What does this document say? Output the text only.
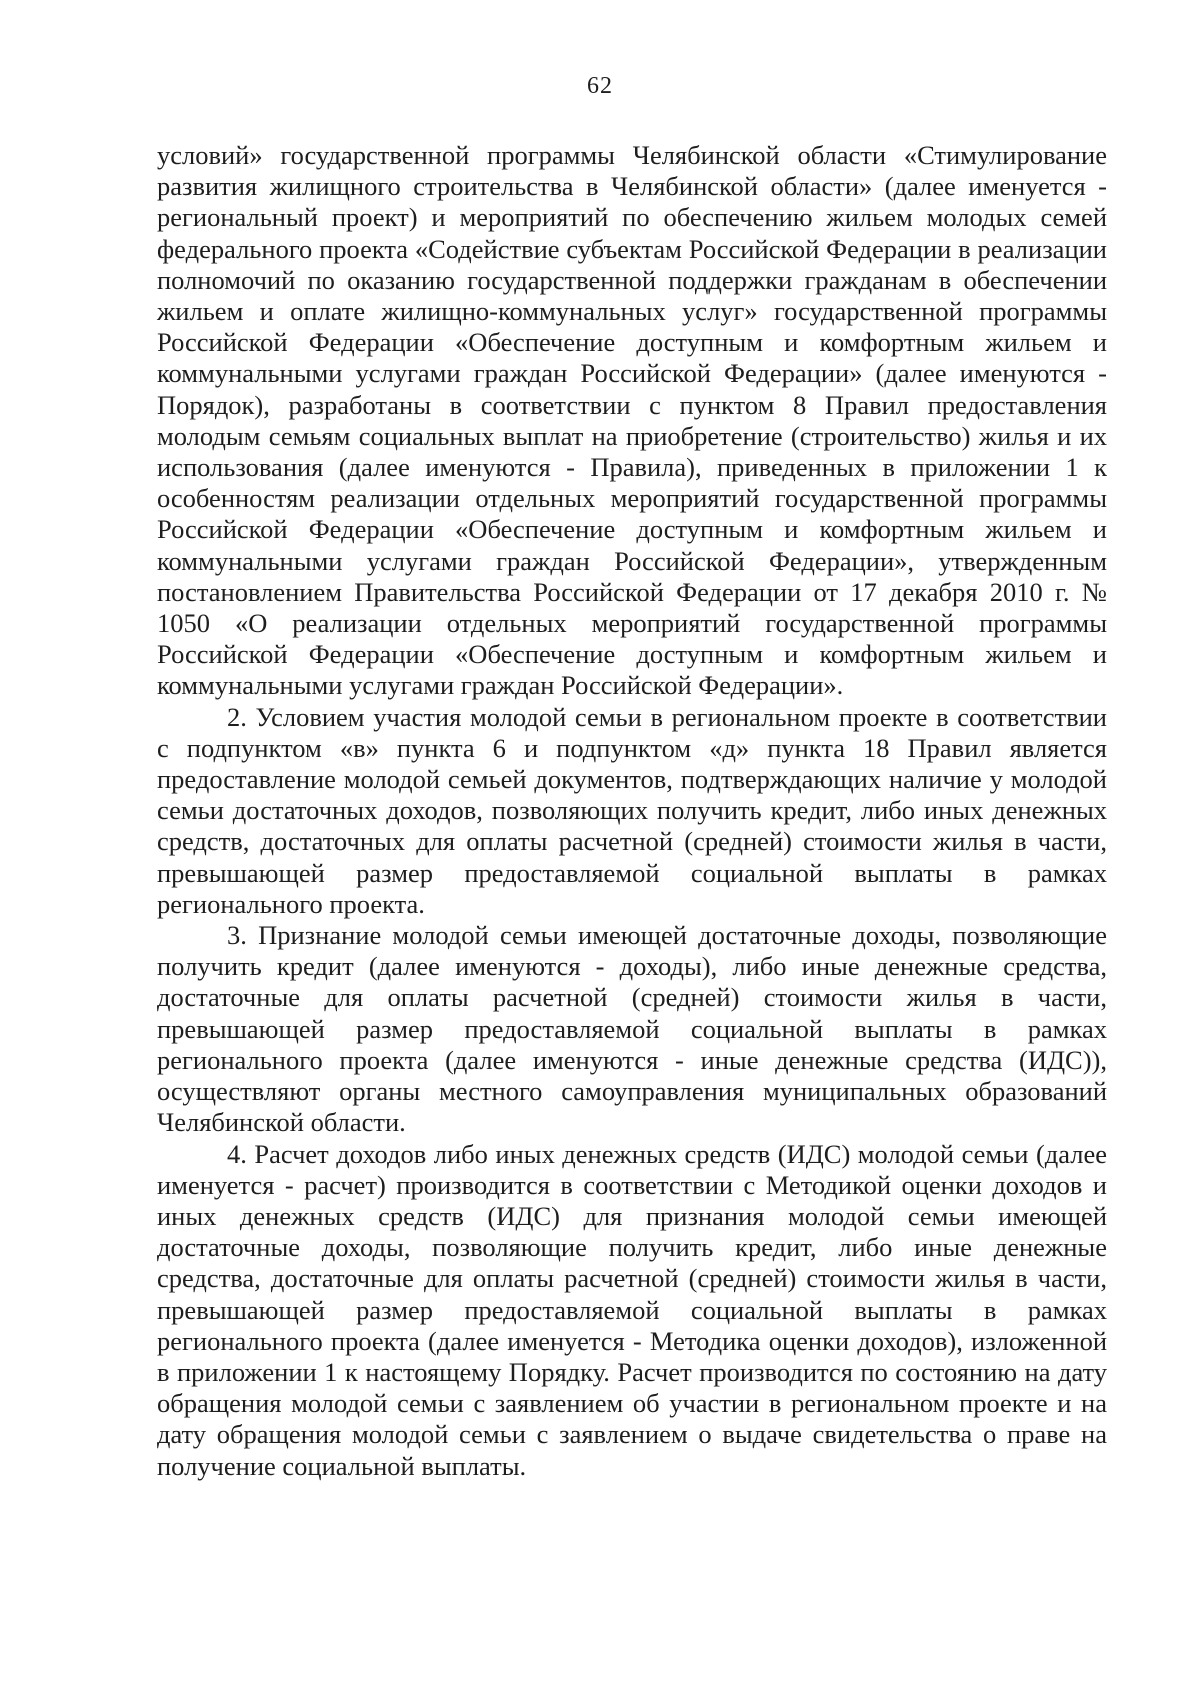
62

условий» государственной программы Челябинской области «Стимулирование развития жилищного строительства в Челябинской области» (далее именуется - региональный проект) и мероприятий по обеспечению жильем молодых семей федерального проекта «Содействие субъектам Российской Федерации в реализации полномочий по оказанию государственной поддержки гражданам в обеспечении жильем и оплате жилищно-коммунальных услуг» государственной программы Российской Федерации «Обеспечение доступным и комфортным жильем и коммунальными услугами граждан Российской Федерации» (далее именуются - Порядок), разработаны в соответствии с пунктом 8 Правил предоставления молодым семьям социальных выплат на приобретение (строительство) жилья и их использования (далее именуются - Правила), приведенных в приложении 1 к особенностям реализации отдельных мероприятий государственной программы Российской Федерации «Обеспечение доступным и комфортным жильем и коммунальными услугами граждан Российской Федерации», утвержденным постановлением Правительства Российской Федерации от 17 декабря 2010 г. № 1050 «О реализации отдельных мероприятий государственной программы Российской Федерации «Обеспечение доступным и комфортным жильем и коммунальными услугами граждан Российской Федерации».

2. Условием участия молодой семьи в региональном проекте в соответствии с подпунктом «в» пункта 6 и подпунктом «д» пункта 18 Правил является предоставление молодой семьей документов, подтверждающих наличие у молодой семьи достаточных доходов, позволяющих получить кредит, либо иных денежных средств, достаточных для оплаты расчетной (средней) стоимости жилья в части, превышающей размер предоставляемой социальной выплаты в рамках регионального проекта.

3. Признание молодой семьи имеющей достаточные доходы, позволяющие получить кредит (далее именуются - доходы), либо иные денежные средства, достаточные для оплаты расчетной (средней) стоимости жилья в части, превышающей размер предоставляемой социальной выплаты в рамках регионального проекта (далее именуются - иные денежные средства (ИДС)), осуществляют органы местного самоуправления муниципальных образований Челябинской области.

4. Расчет доходов либо иных денежных средств (ИДС) молодой семьи (далее именуется - расчет) производится в соответствии с Методикой оценки доходов и иных денежных средств (ИДС) для признания молодой семьи имеющей достаточные доходы, позволяющие получить кредит, либо иные денежные средства, достаточные для оплаты расчетной (средней) стоимости жилья в части, превышающей размер предоставляемой социальной выплаты в рамках регионального проекта (далее именуется - Методика оценки доходов), изложенной в приложении 1 к настоящему Порядку. Расчет производится по состоянию на дату обращения молодой семьи с заявлением об участии в региональном проекте и на дату обращения молодой семьи с заявлением о выдаче свидетельства о праве на получение социальной выплаты.
